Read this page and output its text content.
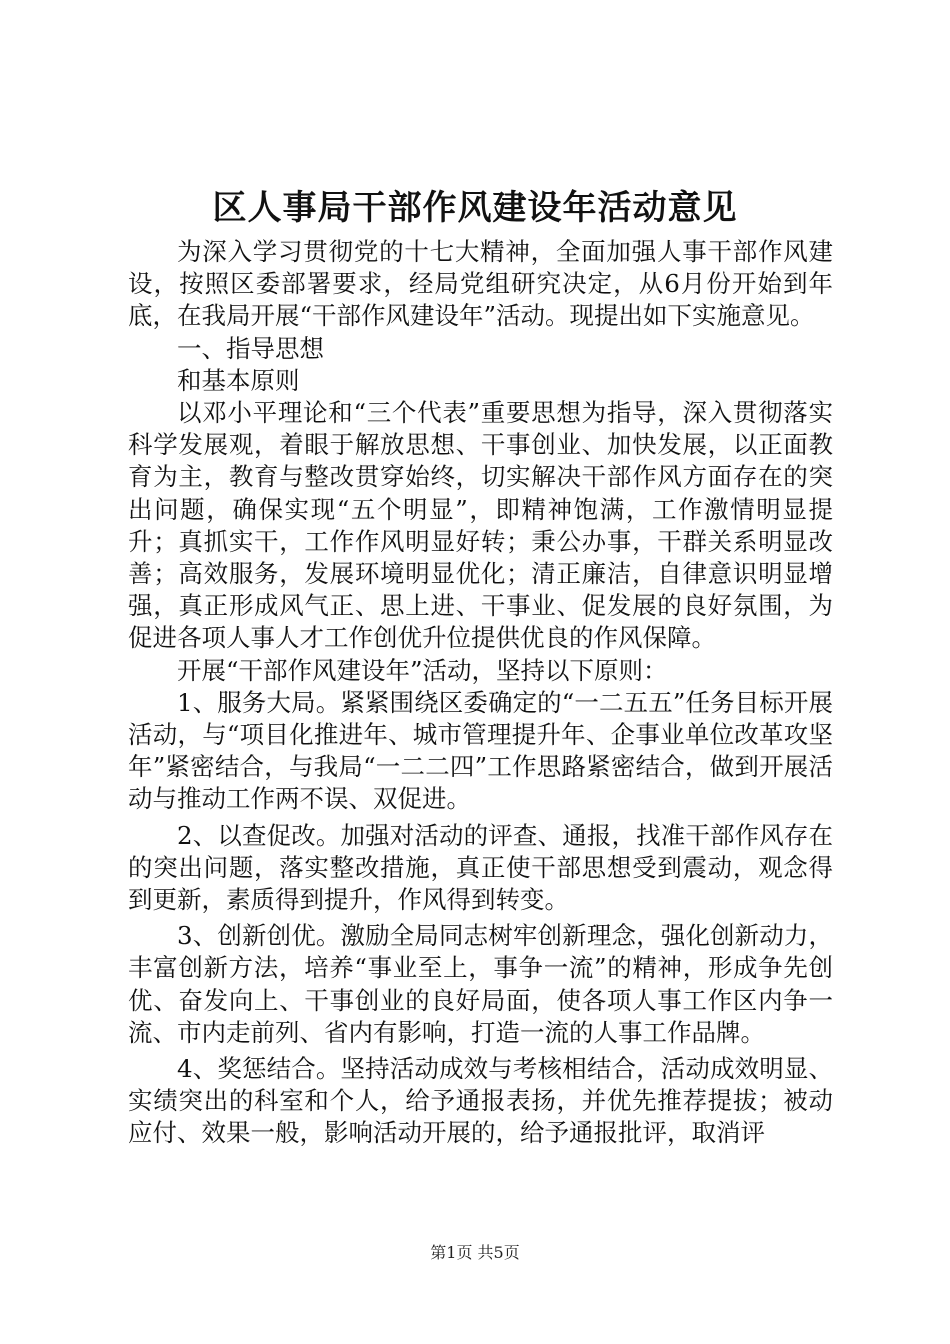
区人事局干部作风建设年活动意见

为深入学习贯彻党的十七大精神，全面加强人事干部作风建设，按照区委部署要求，经局党组研究决定，从6月份开始到年底，在我局开展“干部作风建设年”活动。现提出如下实施意见。

一、指导思想

和基本原则

以邓小平理论和“三个代表”重要思想为指导，深入贯彻落实科学发展观，着眼于解放思想、干事创业、加快发展，以正面教育为主，教育与整改贯穿始终，切实解决干部作风方面存在的突出问题，确保实现“五个明显”，即精神饱满，工作激情明显提升；真抓实干，工作作风明显好转；秉公办事，干群关系明显改善；高效服务，发展环境明显优化；清正廉洁，自律意识明显增强，真正形成风气正、思上进、干事业、促发展的良好氛围，为促进各项人事人才工作创优升位提供优良的作风保障。

开展“干部作风建设年”活动，坚持以下原则：

1、服务大局。紧紧围绕区委确定的“一二五五”任务目标开展活动，与“项目化推进年、城市管理提升年、企事业单位改革攻坚年”紧密结合，与我局“一二二四”工作思路紧密结合，做到开展活动与推动工作两不误、双促进。

2、以查促改。加强对活动的评查、通报，找准干部作风存在的突出问题，落实整改措施，真正使干部思想受到震动，观念得到更新，素质得到提升，作风得到转变。

3、创新创优。激励全局同志树牢创新理念，强化创新动力，丰富创新方法，培养“事业至上，事争一流”的精神，形成争先创优、奋发向上、干事创业的良好局面，使各项人事工作区内争一流、市内走前列、省内有影响，打造一流的人事工作品牌。

4、奖惩结合。坚持活动成效与考核相结合，活动成效明显、实绩突出的科室和个人，给予通报表扬，并优先推荐提拔；被动应付、效果一般，影响活动开展的，给予通报批评，取消评

第1页 共5页
